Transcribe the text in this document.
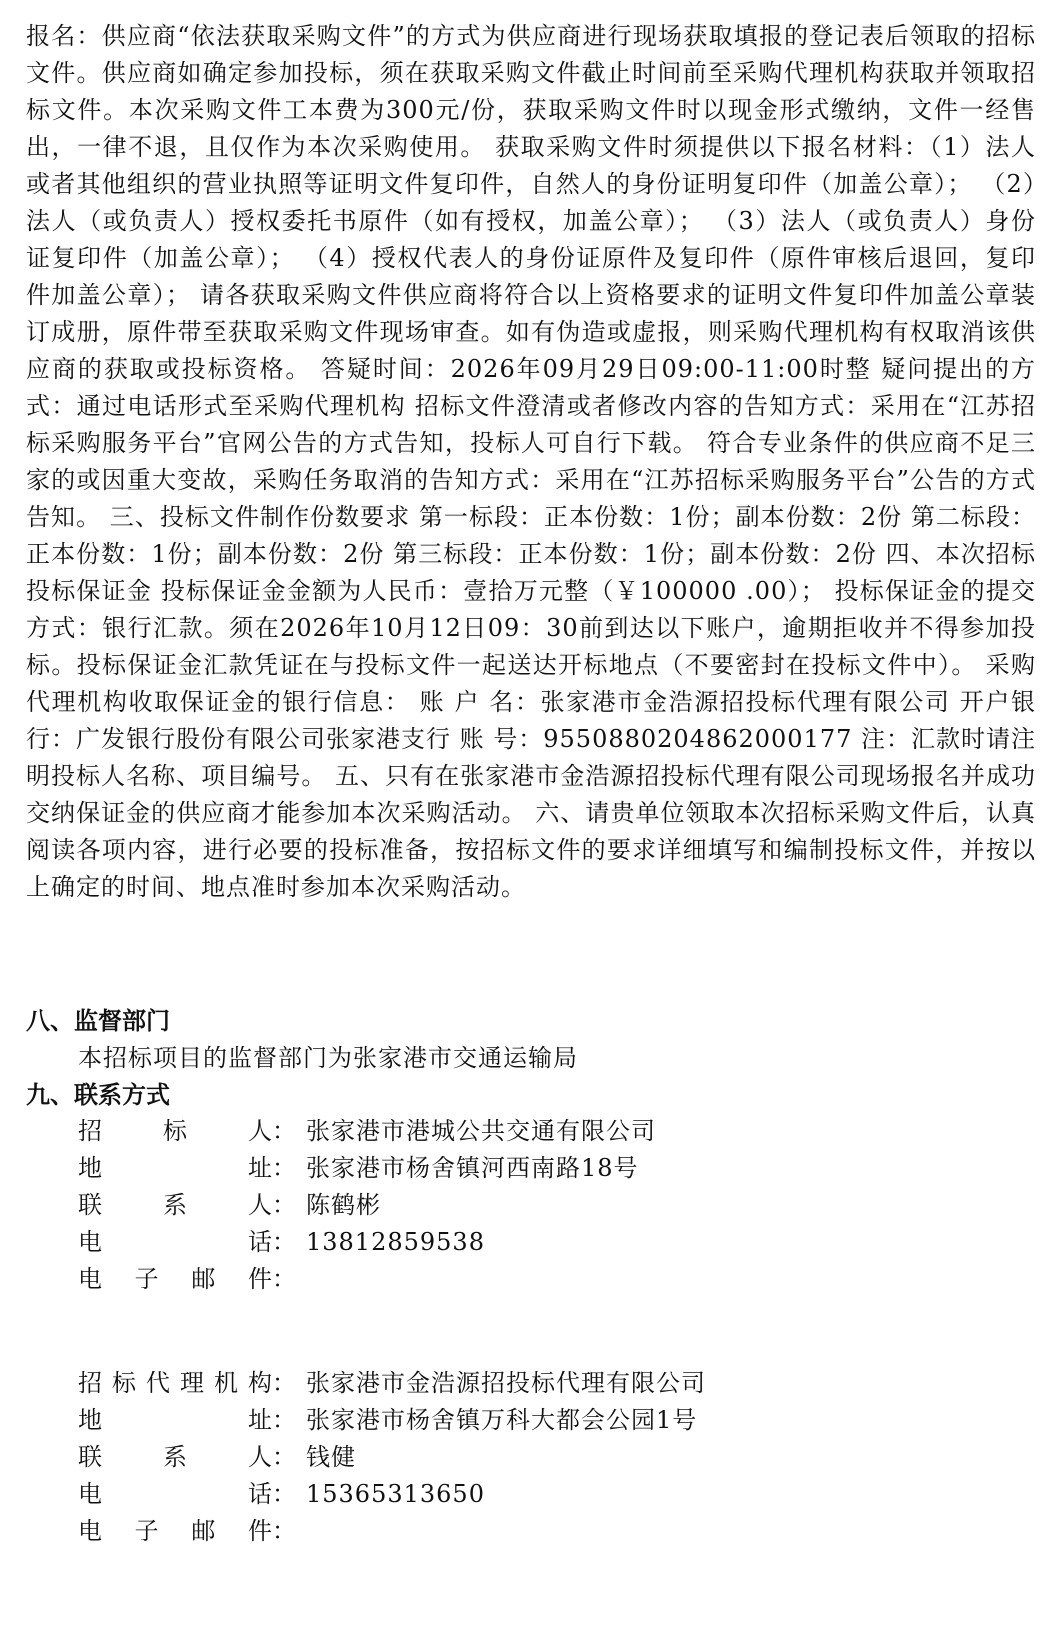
报名：供应商“依法获取采购文件”的方式为供应商进行现场获取填报的登记表后领取的招标文件。供应商如确定参加投标，须在获取采购文件截止时间前至采购代理机构获取并领取招标文件。本次采购文件工本费为300元/份，获取采购文件时以现金形式缴纳，文件一经售出，一律不退，且仅作为本次采购使用。 获取采购文件时须提供以下报名材料：（1）法人或者其他组织的营业执照等证明文件复印件，自然人的身份证明复印件（加盖公章）； （2）法人（或负责人）授权委托书原件（如有授权，加盖公章）； （3）法人（或负责人）身份证复印件（加盖公章）； （4）授权代表人的身份证原件及复印件（原件审核后退回，复印件加盖公章）； 请各获取采购文件供应商将符合以上资格要求的证明文件复印件加盖公章装订成册，原件带至获取采购文件现场审查。如有伪造或虚报，则采购代理机构有权取消该供应商的获取或投标资格。 答疑时间：2026年09月29日09:00-11:00时整 疑问提出的方式：通过电话形式至采购代理机构 招标文件澄清或者修改内容的告知方式：采用在“江苏招标采购服务平台”官网公告的方式告知，投标人可自行下载。 符合专业条件的供应商不足三家的或因重大变故，采购任务取消的告知方式：采用在“江苏招标采购服务平台”公告的方式告知。 三、投标文件制作份数要求 第一标段：正本份数：1份；副本份数：2份 第二标段：正本份数：1份；副本份数：2份 第三标段：正本份数：1份；副本份数：2份 四、本次招标投标保证金 投标保证金金额为人民币：壹拾万元整（￥100000 .00）； 投标保证金的提交方式：银行汇款。须在2026年10月12日09：30前到达以下账户，逾期拒收并不得参加投标。投标保证金汇款凭证在与投标文件一起送达开标地点（不要密封在投标文件中）。 采购代理机构收取保证金的银行信息： 账 户 名：张家港市金浩源招投标代理有限公司 开户银行：广发银行股份有限公司张家港支行 账 号：9550880204862000177 注：汇款时请注明投标人名称、项目编号。 五、只有在张家港市金浩源招投标代理有限公司现场报名并成功交纳保证金的供应商才能参加本次采购活动。 六、请贵单位领取本次招标采购文件后，认真阅读各项内容，进行必要的投标准备，按招标文件的要求详细填写和编制投标文件，并按以上确定的时间、地点准时参加本次采购活动。

八、监督部门

本招标项目的监督部门为张家港市交通运输局

九、联系方式
招	标	人： 张家港市港城公共交通有限公司
地	址： 张家港市杨舍镇河西南路18号
联	系	人： 陈鹤彬
电	话： 13812859538
电 子 邮 件：
招 标 代 理 机 构： 张家港市金浩源招投标代理有限公司
地	址： 张家港市杨舍镇万科大都会公园1号
联	系	人： 钱健
电	话： 15365313650
电 子 邮 件：
